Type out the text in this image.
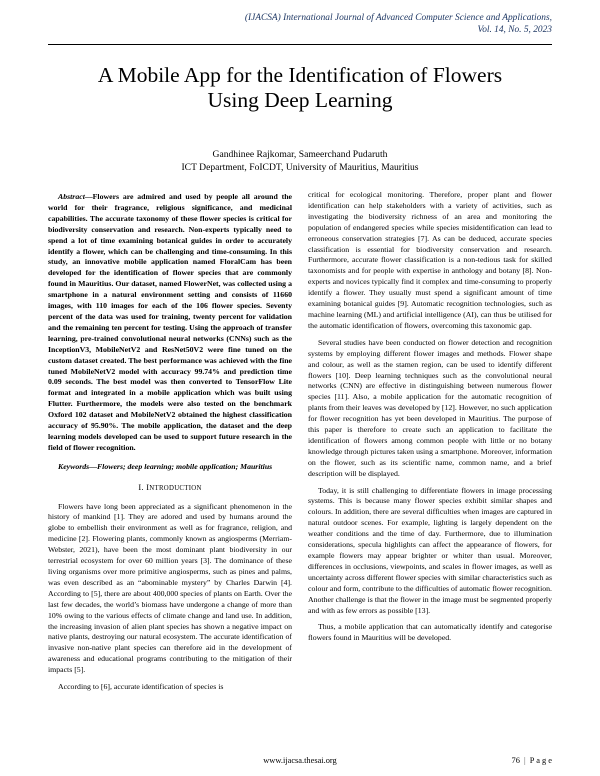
(IJACSA) International Journal of Advanced Computer Science and Applications,
Vol. 14, No. 5, 2023
A Mobile App for the Identification of Flowers
Using Deep Learning
Gandhinee Rajkomar, Sameerchand Pudaruth
ICT Department, FoICDT, University of Mauritius, Mauritius

Abstract—Flowers are admired and used by people all around the world for their fragrance, religious significance, and medicinal capabilities. The accurate taxonomy of these flower species is critical for biodiversity conservation and research. Non-experts typically need to spend a lot of time examining botanical guides in order to accurately identify a flower, which can be challenging and time-consuming. In this study, an innovative mobile application named FloralCam has been developed for the identification of flower species that are commonly found in Mauritius. Our dataset, named FlowerNet, was collected using a smartphone in a natural environment setting and consists of 11660 images, with 110 images for each of the 106 flower species. Seventy percent of the data was used for training, twenty percent for validation and the remaining ten percent for testing. Using the approach of transfer learning, pre-trained convolutional neural networks (CNNs) such as the InceptionV3, MobileNetV2 and ResNet50V2 were fine tuned on the custom dataset created. The best performance was achieved with the fine tuned MobileNetV2 model with accuracy 99.74% and prediction time 0.09 seconds. The best model was then converted to TensorFlow Lite format and integrated in a mobile application which was built using Flutter. Furthermore, the models were also tested on the benchmark Oxford 102 dataset and MobileNetV2 obtained the highest classification accuracy of 95.90%. The mobile application, the dataset and the deep learning models developed can be used to support future research in the field of flower recognition.

Keywords—Flowers; deep learning; mobile application; Mauritius

I. INTRODUCTION

Flowers have long been appreciated as a significant phenomenon in the history of mankind [1]. They are adored and used by humans around the globe to embellish their environment as well as for fragrance, religion, and medicine [2]. Flowering plants, commonly known as angiosperms (Merriam-Webster, 2021), have been the most dominant plant biodiversity in our terrestrial ecosystem for over 60 million years [3]. The dominance of these living organisms over more primitive angiosperms, such as pines and palms, was even described as an “abominable mystery” by Charles Darwin [4]. According to [5], there are about 400,000 species of plants on Earth. Over the last few decades, the world’s biomass have undergone a change of more than 10% owing to the various effects of climate change and land use. In addition, the increasing invasion of alien plant species has shown a negative impact on native plants, destroying our natural ecosystem. The accurate identification of invasive non-native plant species can therefore aid in the development of awareness and educational programs contributing to the mitigation of their impacts [5].

According to [6], accurate identification of species is

critical for ecological monitoring. Therefore, proper plant and flower identification can help stakeholders with a variety of activities, such as investigating the biodiversity richness of an area and monitoring the population of endangered species while species misidentification can lead to erroneous conservation strategies [7]. As can be deduced, accurate species classification is essential for biodiversity conservation and research. Furthermore, accurate flower classification is a non-tedious task for skilled taxonomists and for people with expertise in anthology and botany [8]. Non-experts and novices typically find it complex and time-consuming to properly identify a flower. They usually must spend a significant amount of time examining botanical guides [9]. Automatic recognition technologies, such as machine learning (ML) and artificial intelligence (AI), can thus be utilised for the automatic identification of flowers, overcoming this taxonomic gap.

Several studies have been conducted on flower detection and recognition systems by employing different flower images and methods. Flower shape and colour, as well as the stamen region, can be used to identify different flowers [10]. Deep learning techniques such as the convolutional neural networks (CNN) are effective in distinguishing between numerous flower species [11]. Also, a mobile application for the automatic recognition of plants from their leaves was developed by [12]. However, no such application for flower recognition has yet been developed in Mauritius. The purpose of this paper is therefore to create such an application to facilitate the identification of flowers among common people with little or no botany knowledge through pictures taken using a smartphone. Moreover, information on the flower, such as its scientific name, common name, and a brief description will be displayed.

Today, it is still challenging to differentiate flowers in image processing systems. This is because many flower species exhibit similar shapes and colours. In addition, there are several difficulties when images are captured in natural outdoor scenes. For example, lighting is largely dependent on the weather conditions and the time of day. Furthermore, due to illumination considerations, specula highlights can affect the appearance of flowers, for example flowers may appear brighter or whiter than usual. Moreover, differences in occlusions, viewpoints, and scales in flower images, as well as uncertainty across different flower species with similar characteristics such as colour and form, contribute to the difficulties of automatic flower recognition. Another challenge is that the flower in the image must be segmented properly and with as few errors as possible [13].

Thus, a mobile application that can automatically identify and categorise flowers found in Mauritius will be developed.

www.ijacsa.thesai.org	76 | P a g e
